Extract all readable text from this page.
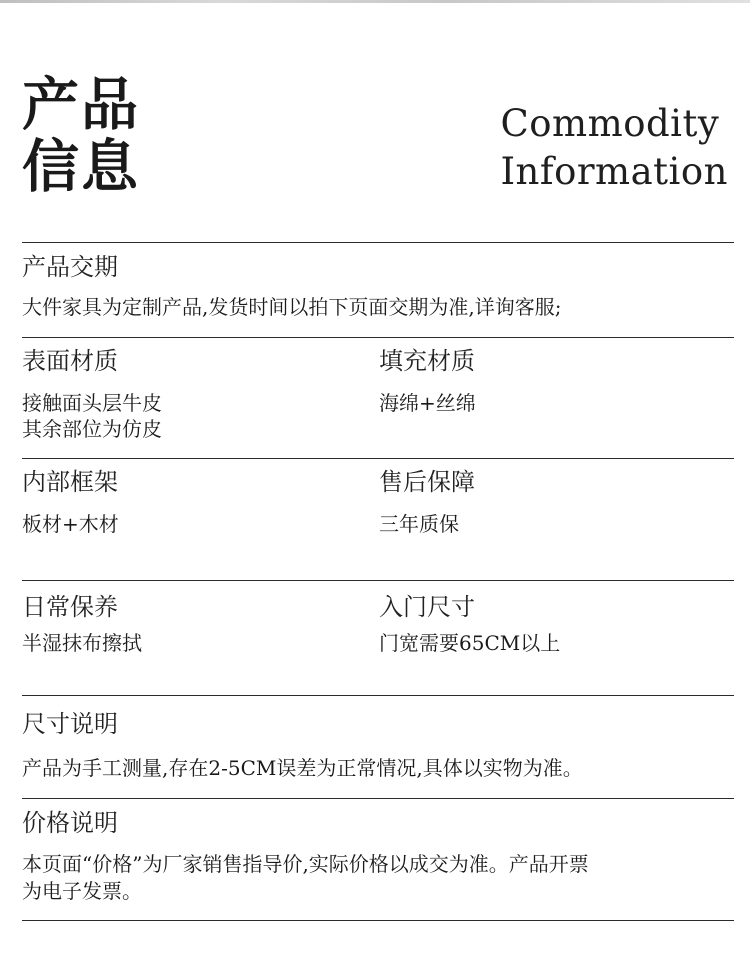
产品
信息
Commodity
Information
产品交期
大件家具为定制产品,发货时间以拍下页面交期为准,详询客服;
表面材质
接触面头层牛皮
其余部位为仿皮
填充材质
海绵+丝绵
内部框架
板材+木材
售后保障
三年质保
日常保养
半湿抹布擦拭
入门尺寸
门宽需要65CM以上
尺寸说明
产品为手工测量,存在2-5CM误差为正常情况,具体以实物为准。
价格说明
本页面“价格”为厂家销售指导价,实际价格以成交为准。产品开票
为电子发票。
